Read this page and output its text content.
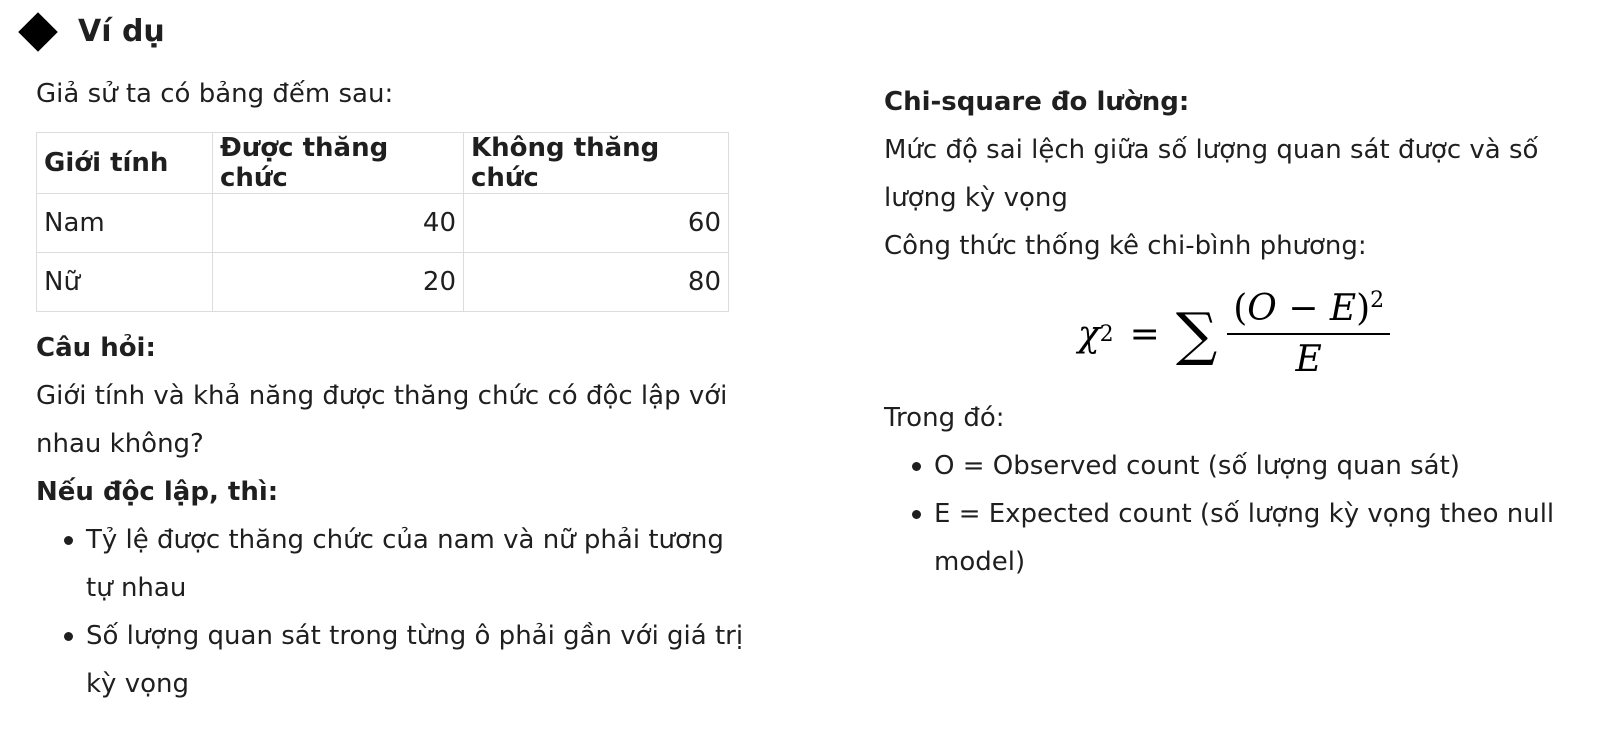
Ví dụ

Giả sử ta có bảng đếm sau:

Giới tính	Được thăng chức	Không thăng chức
Nam	40	60
Nữ	20	80

Câu hỏi:

Giới tính và khả năng được thăng chức có độc lập với nhau không?

Nếu độc lập, thì:

Tỷ lệ được thăng chức của nam và nữ phải tương tự nhau
Số lượng quan sát trong từng ô phải gần với giá trị kỳ vọng

Chi-square đo lường:

Mức độ sai lệch giữa số lượng quan sát được và số lượng kỳ vọng

Công thức thống kê chi-bình phương:

χ 2 = ∑ $\frac{(O - E)^2}{E}$

Trong đó:

O = Observed count (số lượng quan sát)
E = Expected count (số lượng kỳ vọng theo null model)
